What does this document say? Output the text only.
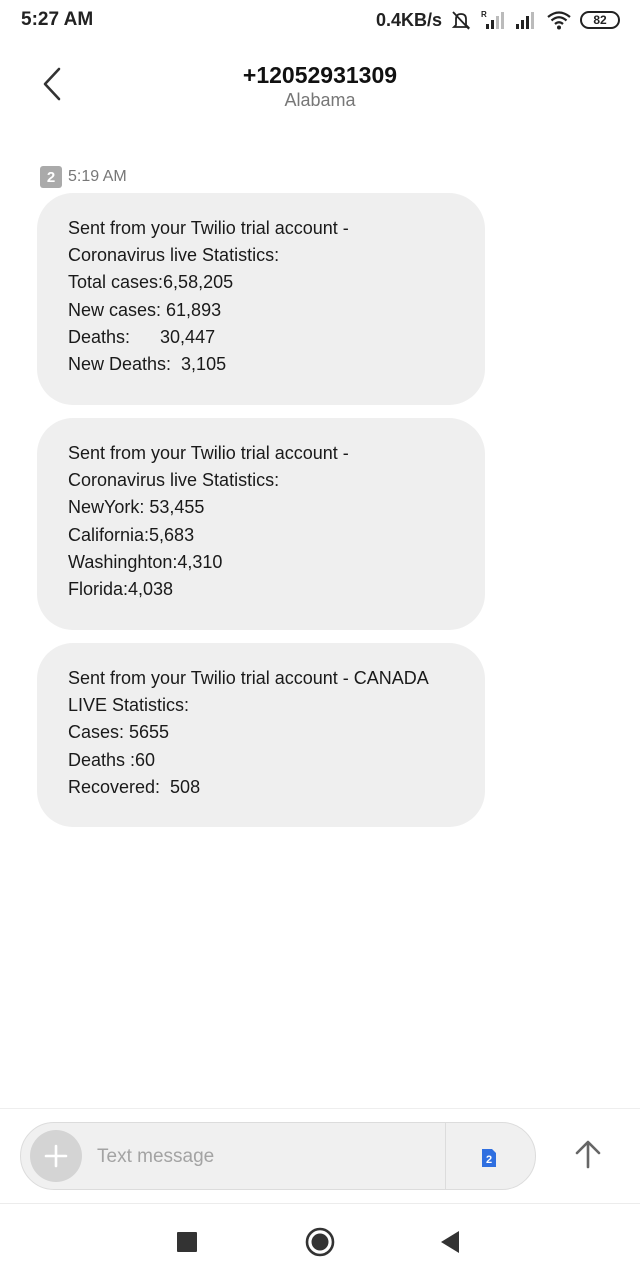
5:27 AM	0.4KB/s	R	82
+12052931309
Alabama
2 5:19 AM
Sent from your Twilio trial account -
Coronavirus live Statistics:
Total cases:6,58,205
New cases: 61,893
Deaths:      30,447
New Deaths:  3,105
Sent from your Twilio trial account -
Coronavirus live Statistics:
NewYork: 53,455
California:5,683
Washinghton:4,310
Florida:4,038
Sent from your Twilio trial account - CANADA
LIVE Statistics:
Cases: 5655
Deaths :60
Recovered:  508
Text message
2
